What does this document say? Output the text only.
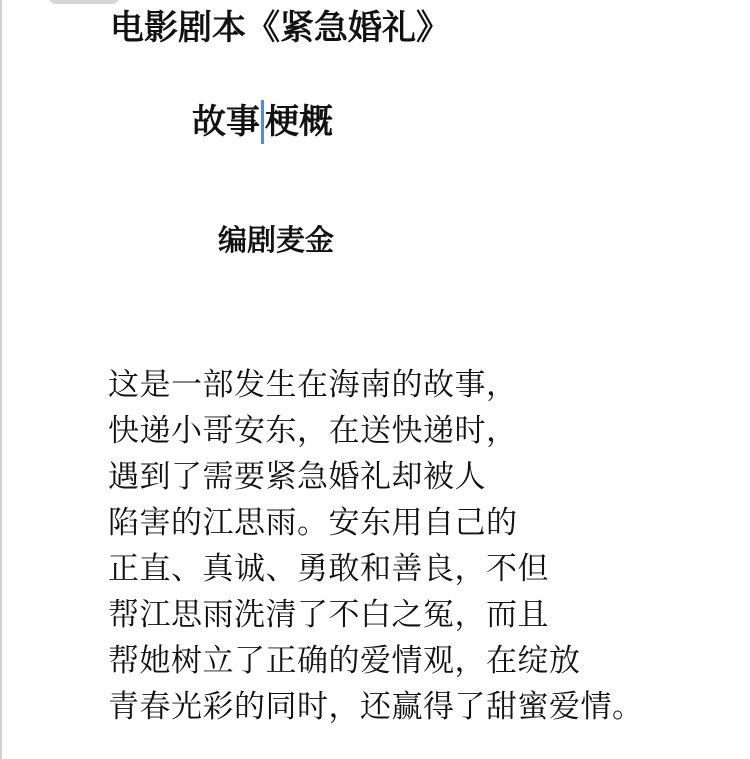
电影剧本《紧急婚礼》
故事 梗概
编剧麦金
这是一部发生在海南的故事，
快递小哥安东，在送快递时，
遇到了需要紧急婚礼却被人
陷害的江思雨。安东用自己的
正直、真诚、勇敢和善良，不但
帮江思雨洗清了不白之冤，而且
帮她树立了正确的爱情观，在绽放
青春光彩的同时，还赢得了甜蜜爱情。
